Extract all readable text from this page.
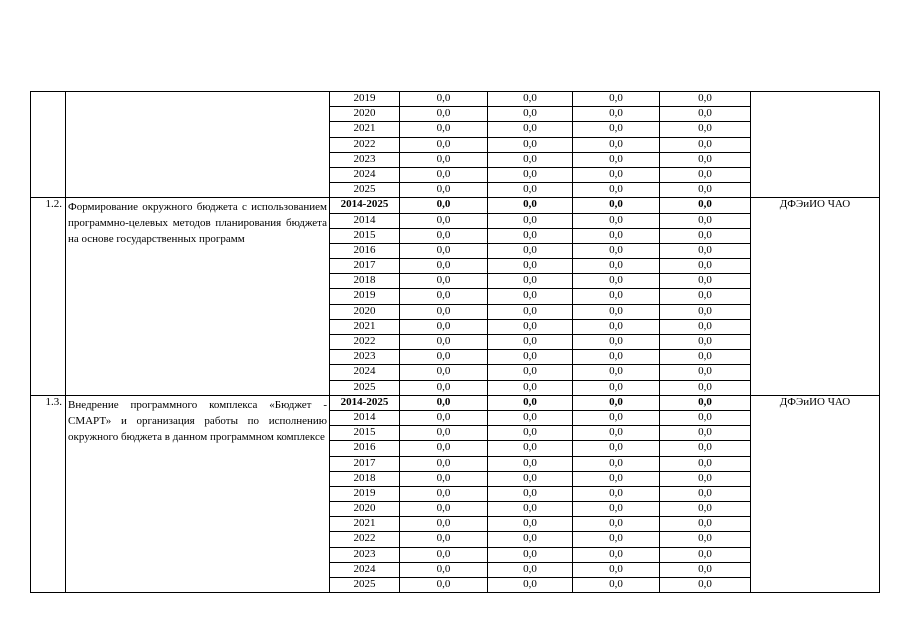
		2019	0,0	0,0	0,0	0,0	
		2020	0,0	0,0	0,0	0,0	
		2021	0,0	0,0	0,0	0,0	
		2022	0,0	0,0	0,0	0,0	
		2023	0,0	0,0	0,0	0,0	
		2024	0,0	0,0	0,0	0,0	
		2025	0,0	0,0	0,0	0,0	
1.2.	Формирование окружного бюджета с использованием программно-целевых методов планирования бюджета на основе государственных программ	2014-2025	0,0	0,0	0,0	0,0	ДФЭиИО ЧАО
		2014	0,0	0,0	0,0	0,0	
		2015	0,0	0,0	0,0	0,0	
		2016	0,0	0,0	0,0	0,0	
		2017	0,0	0,0	0,0	0,0	
		2018	0,0	0,0	0,0	0,0	
		2019	0,0	0,0	0,0	0,0	
		2020	0,0	0,0	0,0	0,0	
		2021	0,0	0,0	0,0	0,0	
		2022	0,0	0,0	0,0	0,0	
		2023	0,0	0,0	0,0	0,0	
		2024	0,0	0,0	0,0	0,0	
		2025	0,0	0,0	0,0	0,0	
1.3.	Внедрение программного комплекса «Бюджет - СМАРТ» и организация работы по исполнению окружного бюджета в данном программном комплексе	2014-2025	0,0	0,0	0,0	0,0	ДФЭиИО ЧАО
		2014	0,0	0,0	0,0	0,0	
		2015	0,0	0,0	0,0	0,0	
		2016	0,0	0,0	0,0	0,0	
		2017	0,0	0,0	0,0	0,0	
		2018	0,0	0,0	0,0	0,0	
		2019	0,0	0,0	0,0	0,0	
		2020	0,0	0,0	0,0	0,0	
		2021	0,0	0,0	0,0	0,0	
		2022	0,0	0,0	0,0	0,0	
		2023	0,0	0,0	0,0	0,0	
		2024	0,0	0,0	0,0	0,0	
		2025	0,0	0,0	0,0	0,0	
